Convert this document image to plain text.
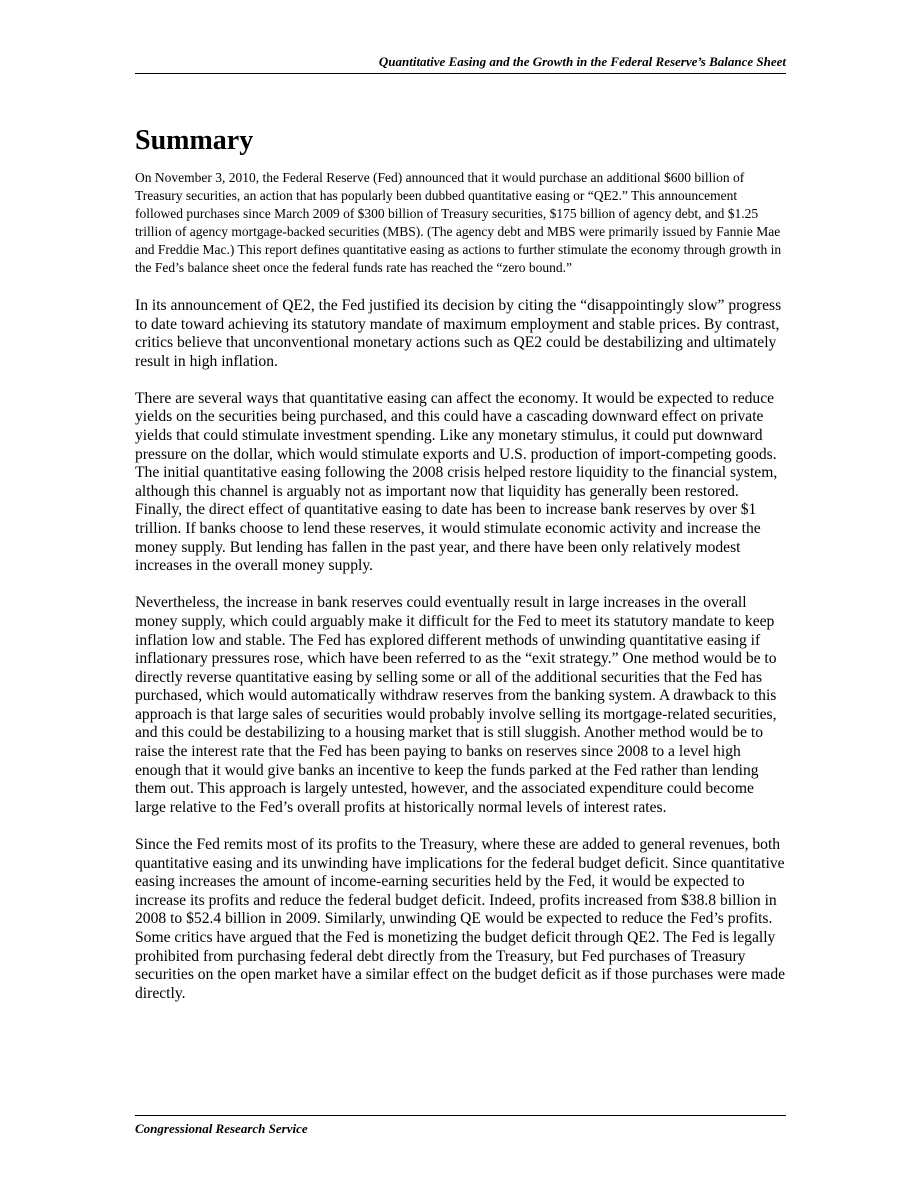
Quantitative Easing and the Growth in the Federal Reserve’s Balance Sheet
Summary

On November 3, 2010, the Federal Reserve (Fed) announced that it would purchase an additional $600 billion of Treasury securities, an action that has popularly been dubbed quantitative easing or “QE2.” This announcement followed purchases since March 2009 of $300 billion of Treasury securities, $175 billion of agency debt, and $1.25 trillion of agency mortgage-backed securities (MBS). (The agency debt and MBS were primarily issued by Fannie Mae and Freddie Mac.) This report defines quantitative easing as actions to further stimulate the economy through growth in the Fed’s balance sheet once the federal funds rate has reached the “zero bound.”

In its announcement of QE2, the Fed justified its decision by citing the “disappointingly slow” progress to date toward achieving its statutory mandate of maximum employment and stable prices. By contrast, critics believe that unconventional monetary actions such as QE2 could be destabilizing and ultimately result in high inflation.

There are several ways that quantitative easing can affect the economy. It would be expected to reduce yields on the securities being purchased, and this could have a cascading downward effect on private yields that could stimulate investment spending. Like any monetary stimulus, it could put downward pressure on the dollar, which would stimulate exports and U.S. production of import-competing goods. The initial quantitative easing following the 2008 crisis helped restore liquidity to the financial system, although this channel is arguably not as important now that liquidity has generally been restored. Finally, the direct effect of quantitative easing to date has been to increase bank reserves by over $1 trillion. If banks choose to lend these reserves, it would stimulate economic activity and increase the money supply. But lending has fallen in the past year, and there have been only relatively modest increases in the overall money supply.

Nevertheless, the increase in bank reserves could eventually result in large increases in the overall money supply, which could arguably make it difficult for the Fed to meet its statutory mandate to keep inflation low and stable. The Fed has explored different methods of unwinding quantitative easing if inflationary pressures rose, which have been referred to as the “exit strategy.” One method would be to directly reverse quantitative easing by selling some or all of the additional securities that the Fed has purchased, which would automatically withdraw reserves from the banking system. A drawback to this approach is that large sales of securities would probably involve selling its mortgage-related securities, and this could be destabilizing to a housing market that is still sluggish. Another method would be to raise the interest rate that the Fed has been paying to banks on reserves since 2008 to a level high enough that it would give banks an incentive to keep the funds parked at the Fed rather than lending them out. This approach is largely untested, however, and the associated expenditure could become large relative to the Fed’s overall profits at historically normal levels of interest rates.

Since the Fed remits most of its profits to the Treasury, where these are added to general revenues, both quantitative easing and its unwinding have implications for the federal budget deficit. Since quantitative easing increases the amount of income-earning securities held by the Fed, it would be expected to increase its profits and reduce the federal budget deficit. Indeed, profits increased from $38.8 billion in 2008 to $52.4 billion in 2009. Similarly, unwinding QE would be expected to reduce the Fed’s profits. Some critics have argued that the Fed is monetizing the budget deficit through QE2. The Fed is legally prohibited from purchasing federal debt directly from the Treasury, but Fed purchases of Treasury securities on the open market have a similar effect on the budget deficit as if those purchases were made directly.

Congressional Research Service
